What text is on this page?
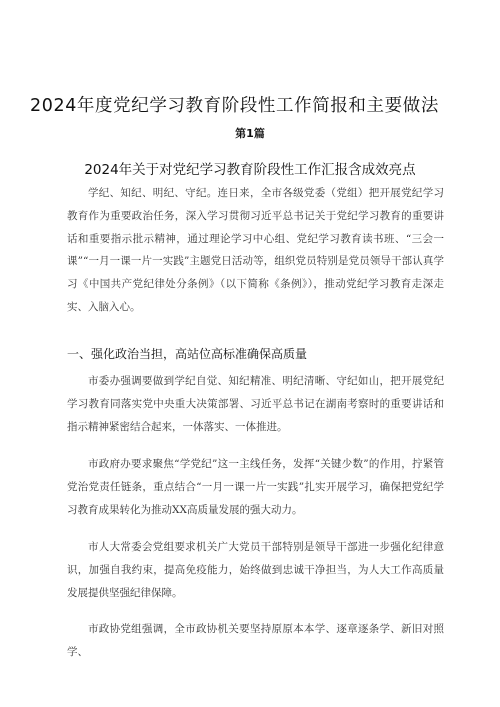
2024年度党纪学习教育阶段性工作简报和主要做法
第1篇
2024年关于对党纪学习教育阶段性工作汇报含成效亮点

学纪、知纪、明纪、守纪。连日来，全市各级党委（党组）把开展党纪学习教育作为重要政治任务，深入学习贯彻习近平总书记关于党纪学习教育的重要讲话和重要指示批示精神，通过理论学习中心组、党纪学习教育读书班、“三会一课”“一月一课一片一实践”主题党日活动等，组织党员特别是党员领导干部认真学习《中国共产党纪律处分条例》（以下简称《条例》），推动党纪学习教育走深走实、入脑入心。

一、强化政治当担，高站位高标准确保高质量

市委办强调要做到学纪自觉、知纪精准、明纪清晰、守纪如山，把开展党纪学习教育同落实党中央重大决策部署、习近平总书记在湖南考察时的重要讲话和指示精神紧密结合起来，一体落实、一体推进。

市政府办要求聚焦“学党纪”这一主线任务，发挥“关键少数”的作用，拧紧管党治党责任链条，重点结合“一月一课一片一实践”扎实开展学习，确保把党纪学习教育成果转化为推动XX高质量发展的强大动力。

市人大常委会党组要求机关广大党员干部特别是领导干部进一步强化纪律意识，加强自我约束，提高免疫能力，始终做到忠诚干净担当，为人大工作高质量发展提供坚强纪律保障。

市政协党组强调，全市政协机关要坚持原原本本学、逐章逐条学、新旧对照学、
